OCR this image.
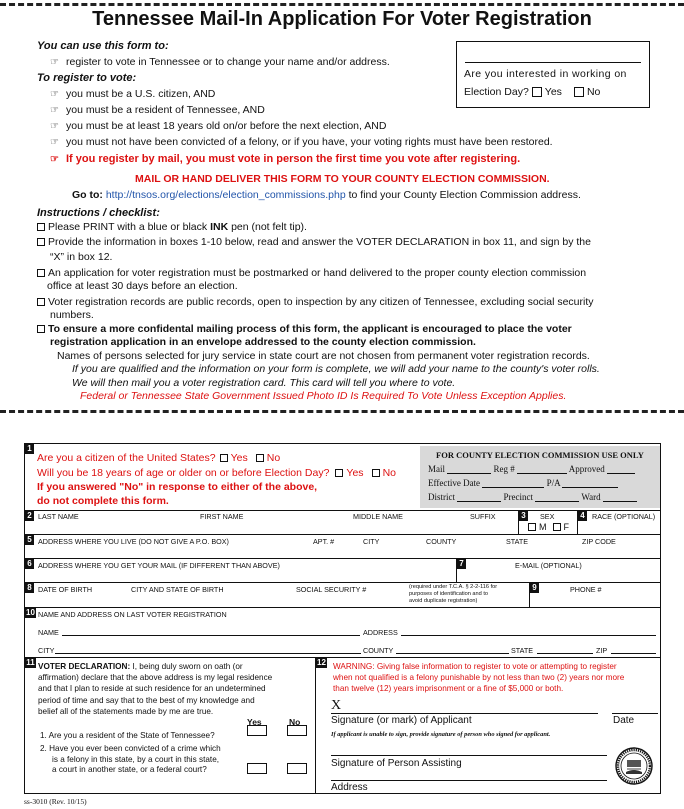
Tennessee Mail-In Application For Voter Registration
You can use this form to:
☞ register to vote in Tennessee or to change your name and/or address.
To register to vote:
☞ you must be a U.S. citizen, AND
☞ you must be a resident of Tennessee, AND
☞ you must be at least 18 years old on/or before the next election, AND
☞ you must not have been convicted of a felony, or if you have, your voting rights must have been restored.
☞ If you register by mail, you must vote in person the first time you vote after registering.
MAIL OR HAND DELIVER THIS FORM TO YOUR COUNTY ELECTION COMMISSION.
Go to: http://tnsos.org/elections/election_commissions.php to find your County Election Commission address.
Are you interested in working on
Election Day? Yes No
Instructions / checklist:
Please PRINT with a blue or black INK pen (not felt tip).
Provide the information in boxes 1-10 below, read and answer the VOTER DECLARATION in box 11, and sign by the
“X” in box 12.
An application for voter registration must be postmarked or hand delivered to the proper county election commission
office at least 30 days before an election.
Voter registration records are public records, open to inspection by any citizen of Tennessee, excluding social security
numbers.
To ensure a more confidental mailing process of this form, the applicant is encouraged to place the voter
registration application in an envelope addressed to the county election commission.
Names of persons selected for jury service in state court are not chosen from permanent voter registration records.
If you are qualified and the information on your form is complete, we will add your name to the county's voter rolls.
We will then mail you a voter registration card. This card will tell you where to vote.
Federal or Tennessee State Government Issued Photo ID Is Required To Vote Unless Exception Applies.
1
Are you a citizen of the United States? Yes No
Will you be 18 years of age or older on or before Election Day? Yes No
If you answered "No" in response to either of the above,
do not complete this form.
FOR COUNTY ELECTION COMMISSION USE ONLY
Mail	Reg #	Approved
Effective Date	P/A
District	Precinct	Ward
2 LAST NAME	FIRST NAME	MIDDLE NAME	SUFFIX	3	SEX
M F
4	RACE (OPTIONAL)
5 ADDRESS WHERE YOU LIVE (DO NOT GIVE A P.O. BOX)	APT. #	CITY	COUNTY	STATE	ZIP CODE
6 ADDRESS WHERE YOU GET YOUR MAIL (IF DIFFERENT THAN ABOVE)	7	E-MAIL (OPTIONAL)
8 DATE OF BIRTH	CITY AND STATE OF BIRTH	SOCIAL SECURITY #	(required under T.C.A. § 2-2-116 for
purposes of identification and to
avoid duplicate registration)
9	PHONE #
10 NAME AND ADDRESS ON LAST VOTER REGISTRATION
NAME	ADDRESS
CITY	COUNTY	STATE	ZIP
11 VOTER DECLARATION: I, being duly sworn on oath (or
affirmation) declare that the above address is my legal residence
and that I plan to reside at such residence for an undetermined
period of time and say that to the best of my knowledge and
belief all of the statements made by me are true.
Yes	No
1. Are you a resident of the State of Tennessee?
2. Have you ever been convicted of a crime which
is a felony in this state, by a court in this state,
a court in another state, or a federal court?
12 WARNING: Giving false information to register to vote or attempting to register
when not qualified is a felony punishable by not less than two (2) years nor more
than twelve (12) years imprisonment or a fine of $5,000 or both.
X
Signature (or mark) of Applicant	Date
If applicant is unable to sign, provide signature of person who signed for applicant.
Signature of Person Assisting
Address
ss-3010 (Rev. 10/15)
